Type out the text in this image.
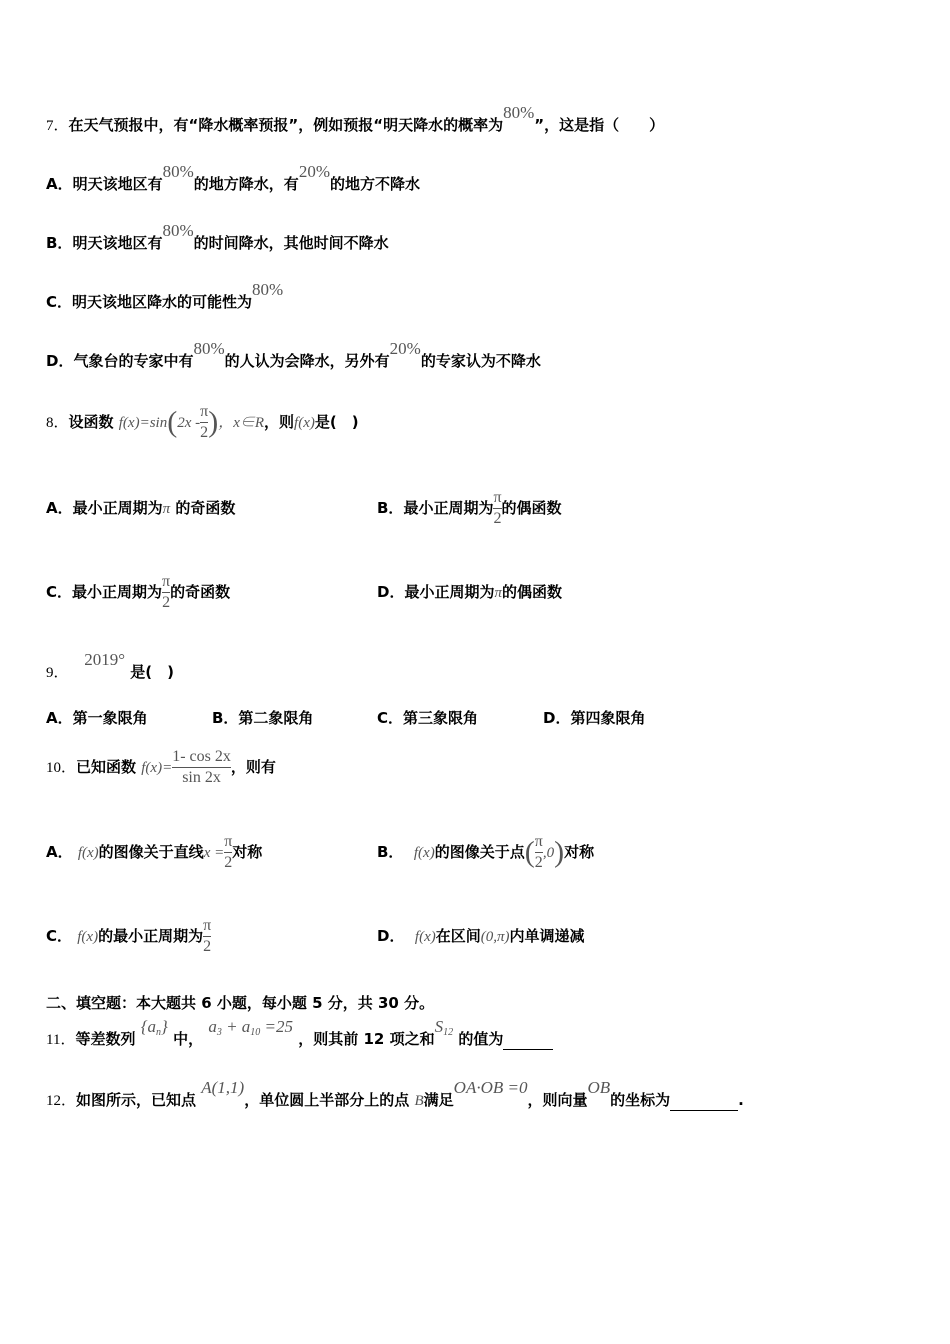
7．在天气预报中，有“降水概率预报”，例如预报“明天降水的概率为80%”，这是指（　　）
A．明天该地区有80%的地方降水，有20%的地方不降水
B．明天该地区有80%的时间降水，其他时间不降水
C．明天该地区降水的可能性为80%
D．气象台的专家中有80%的人认为会降水，另外有20%的专家认为不降水
8．设函数 $f(x)=\sin(2x - \frac{\pi}{2}$ )，x∈R，则f(x)是(　)
A．最小正周期为π 的奇函数	B．最小正周期为 $\frac{\pi}{2}$ 的偶函数
C．最小正周期为 $\frac{\pi}{2}$ 的奇函数	D．最小正周期为π的偶函数
9．   2019° 是(　)
A．第一象限角	B．第二象限角	C．第三象限角	D．第四象限角
10．已知函数 $f(x)= \frac{1- \cos 2x}{\sin 2x}$ ，则有
A． f(x)的图像关于直线$x = \frac{\pi}{2}$ 对称	B． f(x)的图像关于点( $\frac{\pi}{2} ,0$)对称
C． f(x)的最小正周期为 $\frac{\pi}{2}$	D． f(x)在区间(0,π)内单调递减
二、填空题：本大题共 6 小题，每小题 5 分，共 30 分。
11．等差数列 $\{a_n\}$ 中， $a_3 + a_{10} =25$ ，则其前 12 项之和$S_{12}$ 的值为
12．如图所示，已知点 A(1,1)，单位圆上半部分上的点 B满足OA·OB =0，则向量OB的坐标为	.
